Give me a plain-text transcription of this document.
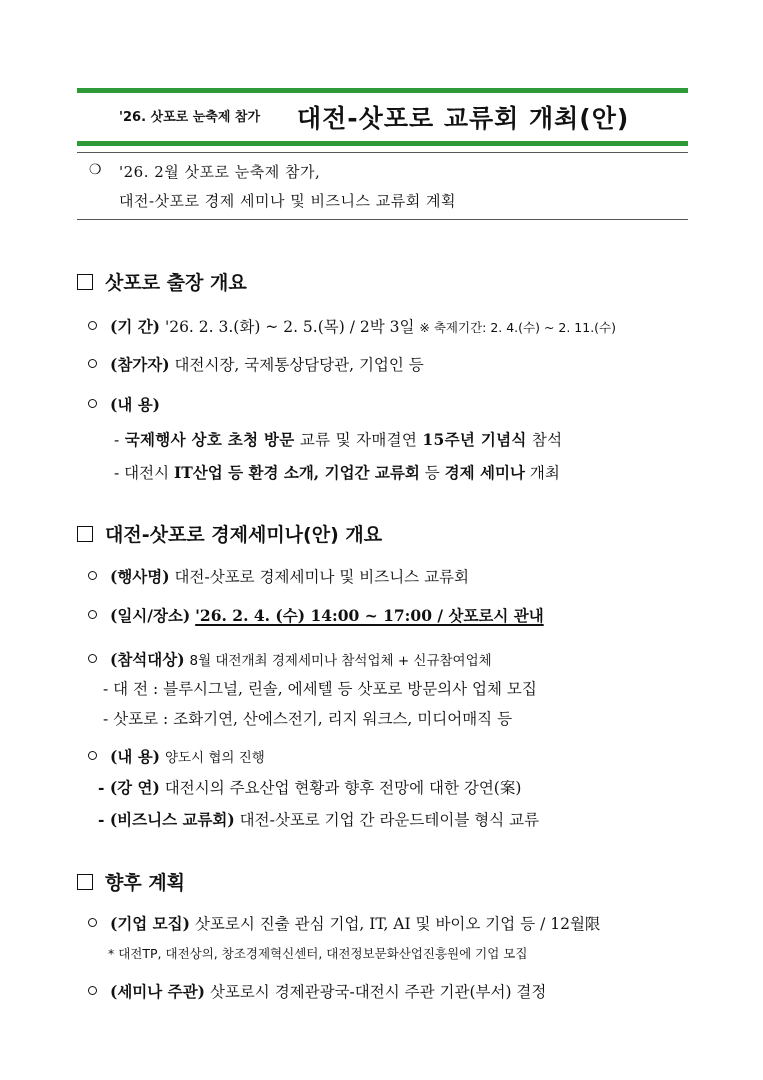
'26. 삿포로 눈축제 참가 대전-삿포로 교류회 개최(안)
❍ '26. 2월 삿포로 눈축제 참가,
대전-삿포로 경제 세미나 및 비즈니스 교류회 계획
삿포로 출장 개요
(기 간) '26. 2. 3.(화) ~ 2. 5.(목) / 2박 3일 ※ 축제기간: 2. 4.(수) ~ 2. 11.(수)
(참가자) 대전시장, 국제통상담당관, 기업인 등
(내 용)
- 국제행사 상호 초청 방문 교류 및 자매결연 15주년 기념식 참석
- 대전시 IT산업 등 환경 소개, 기업간 교류회 등 경제 세미나 개최
대전-삿포로 경제세미나(안) 개요
(행사명) 대전-삿포로 경제세미나 및 비즈니스 교류회
(일시/장소) '26. 2. 4. (수) 14:00 ~ 17:00 / 삿포로시 관내
(참석대상) 8월 대전개최 경제세미나 참석업체 + 신규참여업체
- 대 전 : 블루시그널, 린솔, 에세텔 등 삿포로 방문의사 업체 모집
- 삿포로 : 조화기연, 산에스전기, 리지 워크스, 미디어매직 등
(내 용) 양도시 협의 진행
- (강 연) 대전시의 주요산업 현황과 향후 전망에 대한 강연(案)
- (비즈니스 교류회) 대전-삿포로 기업 간 라운드테이블 형식 교류
향후 계획
(기업 모집) 삿포로시 진출 관심 기업, IT, AI 및 바이오 기업 등 / 12월限
* 대전TP, 대전상의, 창조경제혁신센터, 대전정보문화산업진흥원에 기업 모집
(세미나 주관) 삿포로시 경제관광국-대전시 주관 기관(부서) 결정
